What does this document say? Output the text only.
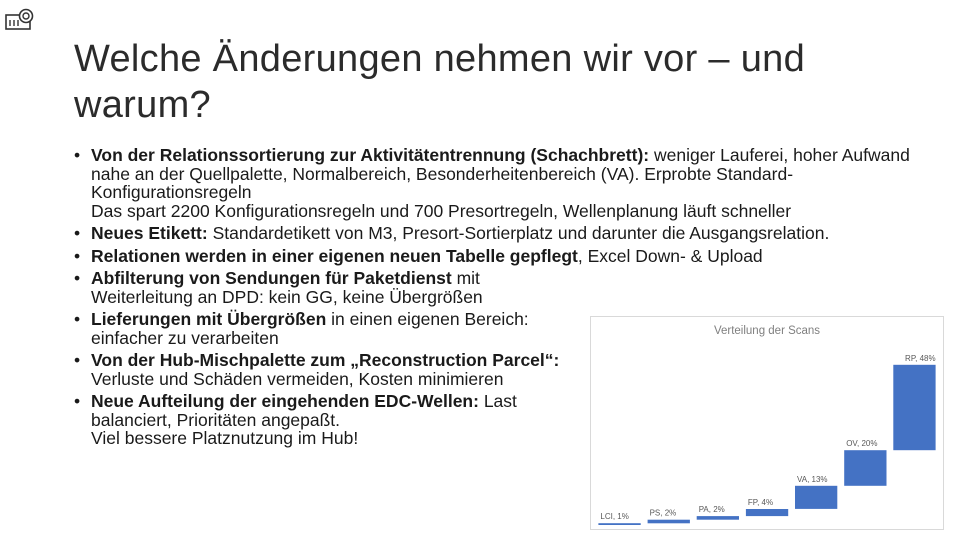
Welche Änderungen nehmen wir vor – und warum?
• Von der Relationssortierung zur Aktivitätentrennung (Schachbrett): weniger Lauferei, hoher Aufwand nahe an der Quellpalette, Normalbereich, Besonderheitenbereich (VA). Erprobte Standard-Konfigurationsregeln
Das spart 2200 Konfigurationsregeln und 700 Presortregeln, Wellenplanung läuft schneller
• Neues Etikett: Standardetikett von M3, Presort-Sortierplatz und darunter die Ausgangsrelation.
• Relationen werden in einer eigenen neuen Tabelle gepflegt, Excel Down- & Upload
• Abfilterung von Sendungen für Paketdienst mit Weiterleitung an DPD: kein GG, keine Übergrößen
• Lieferungen mit Übergrößen in einen eigenen Bereich: einfacher zu verarbeiten
• Von der Hub-Mischpalette zum „Reconstruction Parcel“: Verluste und Schäden vermeiden, Kosten minimieren
• Neue Aufteilung der eingehenden EDC-Wellen: Last balanciert, Prioritäten angepaßt.
Viel bessere Platznutzung im Hub!
Verteilung der Scans
LCI, 1%	PS, 2%	PA, 2%
FP, 4%
VA, 13%
OV, 20%
RP, 48%
